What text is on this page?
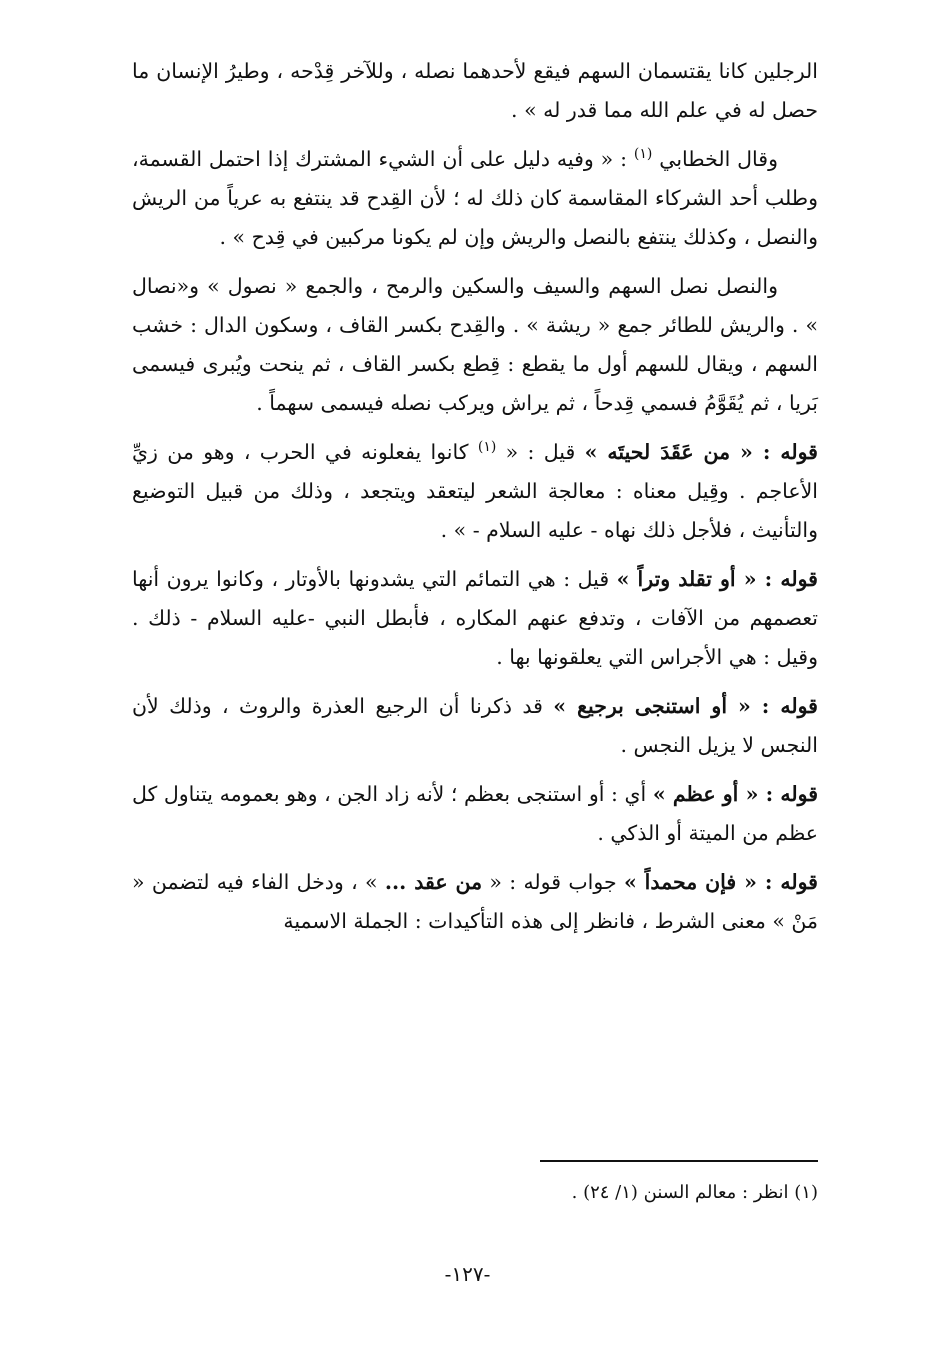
الرجلين كانا يقتسمان السهم فيقع لأحدهما نصله ، وللآخر قِدْحه ، وطيرُ الإنسان ما حصل له في علم الله مما قدر له » .

وقال الخطابي $^{(١)}$ : « وفيه دليل على أن الشيء المشترك إذا احتمل القسمة، وطلب أحد الشركاء المقاسمة كان ذلك له ؛ لأن القِدح قد ينتفع به عرياً من الريش والنصل ، وكذلك ينتفع بالنصل والريش وإن لم يكونا مركبين في قِدح » .

والنصل نصل السهم والسيف والسكين والرمح ، والجمع « نصول » و«نصال » . والريش للطائر جمع « ريشة » . والقِدح بكسر القاف ، وسكون الدال : خشب السهم ، ويقال للسهم أول ما يقطع : قِطع بكسر القاف ، ثم ينحت ويُبرى فيسمى بَريا ، ثم يُقَوَّمُ فسمي قِدحاً ، ثم يراش ويركب نصله فيسمى سهماً .

قوله : « من عَقَدَ لحيتَه » قيل : « $^{(١)}$ كانوا يفعلونه في الحرب ، وهو من زيِّ الأعاجم . وقِيل معناه : معالجة الشعر ليتعقد ويتجعد ، وذلك من قبيل التوضيع والتأنيث ، فلأجل ذلك نهاه - عليه السلام - » .

قوله : « أو تقلد وتراً » قيل : هي التمائم التي يشدونها بالأوتار ، وكانوا يرون أنها تعصمهم من الآفات ، وتدفع عنهم المكاره ، فأبطل النبي -عليه السلام - ذلك . وقيل : هي الأجراس التي يعلقونها بها .

قوله : « أو استنجى برجيع » قد ذكرنا أن الرجيع العذرة والروث ، وذلك لأن النجس لا يزيل النجس .

قوله : « أو عظم » أي : أو استنجى بعظم ؛ لأنه زاد الجن ، وهو بعمومه يتناول كل عظم من الميتة أو الذكي .

قوله : « فإن محمداً » جواب قوله : « من عقد ... » ، ودخل الفاء فيه لتضمن « مَنْ » معنى الشرط ، فانظر إلى هذه التأكيدات : الجملة الاسمية

(١) انظر : معالم السنن (١/ ٢٤) .
-١٢٧-
